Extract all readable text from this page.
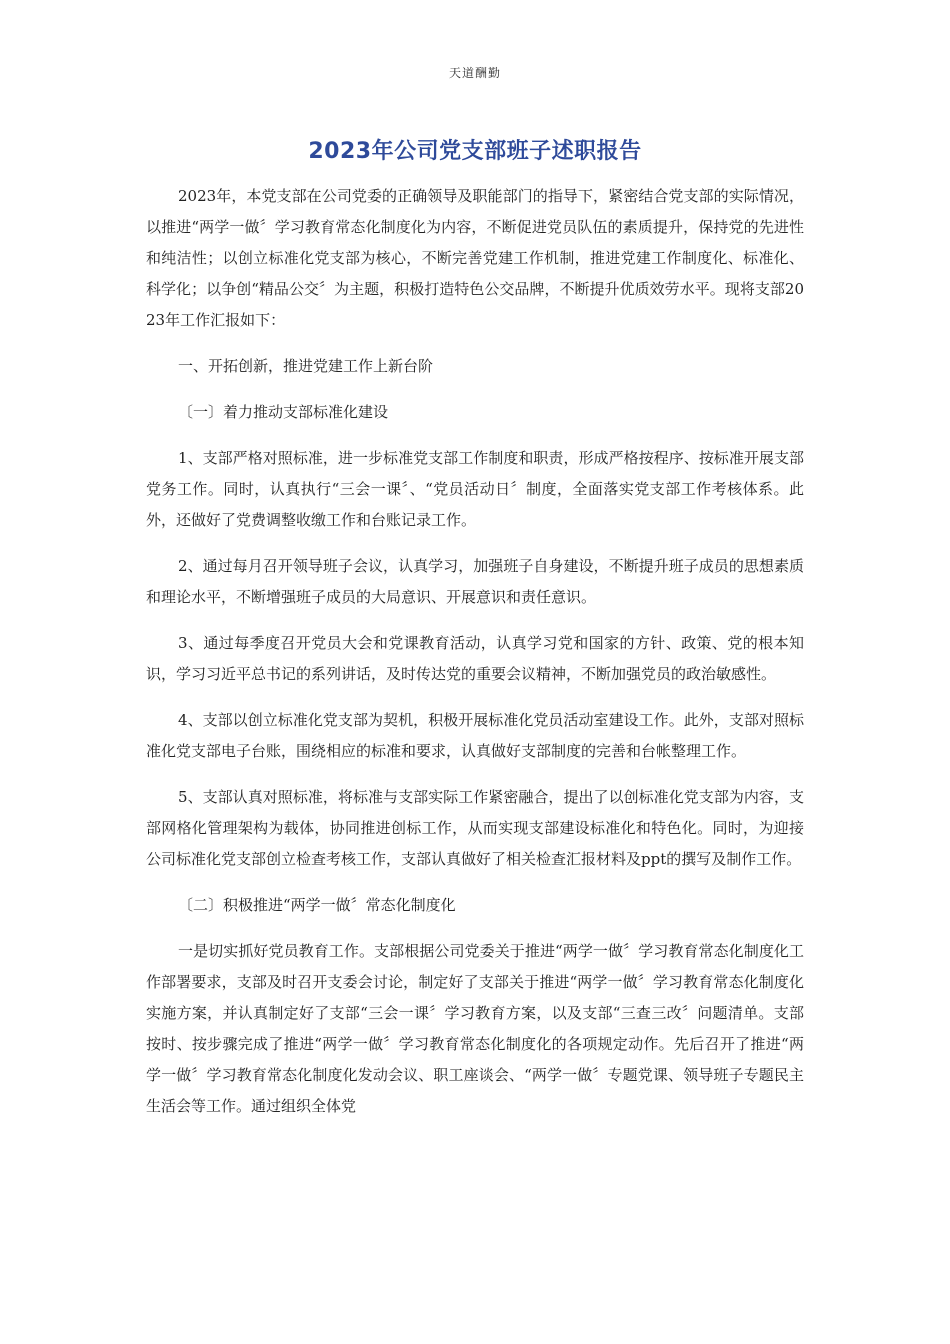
天道酬勤
2023年公司党支部班子述职报告

2023年，本党支部在公司党委的正确领导及职能部门的指导下，紧密结合党支部的实际情况，以推进“两学一做〞学习教育常态化制度化为内容，不断促进党员队伍的素质提升，保持党的先进性和纯洁性；以创立标准化党支部为核心，不断完善党建工作机制，推进党建工作制度化、标准化、科学化；以争创“精品公交〞为主题，积极打造特色公交品牌，不断提升优质效劳水平。现将支部2023年工作汇报如下：

一、开拓创新，推进党建工作上新台阶

〔一〕着力推动支部标准化建设

1、支部严格对照标准，进一步标准党支部工作制度和职责，形成严格按程序、按标准开展支部党务工作。同时，认真执行“三会一课〞、“党员活动日〞制度，全面落实党支部工作考核体系。此外，还做好了党费调整收缴工作和台账记录工作。

2、通过每月召开领导班子会议，认真学习，加强班子自身建设，不断提升班子成员的思想素质和理论水平，不断增强班子成员的大局意识、开展意识和责任意识。

3、通过每季度召开党员大会和党课教育活动，认真学习党和国家的方针、政策、党的根本知识，学习习近平总书记的系列讲话，及时传达党的重要会议精神，不断加强党员的政治敏感性。

4、支部以创立标准化党支部为契机，积极开展标准化党员活动室建设工作。此外，支部对照标准化党支部电子台账，围绕相应的标准和要求，认真做好支部制度的完善和台帐整理工作。

5、支部认真对照标准，将标准与支部实际工作紧密融合，提出了以创标准化党支部为内容，支部网格化管理架构为载体，协同推进创标工作，从而实现支部建设标准化和特色化。同时，为迎接公司标准化党支部创立检查考核工作，支部认真做好了相关检查汇报材料及ppt的撰写及制作工作。

〔二〕积极推进“两学一做〞常态化制度化

一是切实抓好党员教育工作。支部根据公司党委关于推进“两学一做〞学习教育常态化制度化工作部署要求，支部及时召开支委会讨论，制定好了支部关于推进“两学一做〞学习教育常态化制度化实施方案，并认真制定好了支部“三会一课〞学习教育方案，以及支部“三查三改〞问题清单。支部按时、按步骤完成了推进“两学一做〞学习教育常态化制度化的各项规定动作。先后召开了推进“两学一做〞学习教育常态化制度化发动会议、职工座谈会、“两学一做〞专题党课、领导班子专题民主生活会等工作。通过组织全体党
